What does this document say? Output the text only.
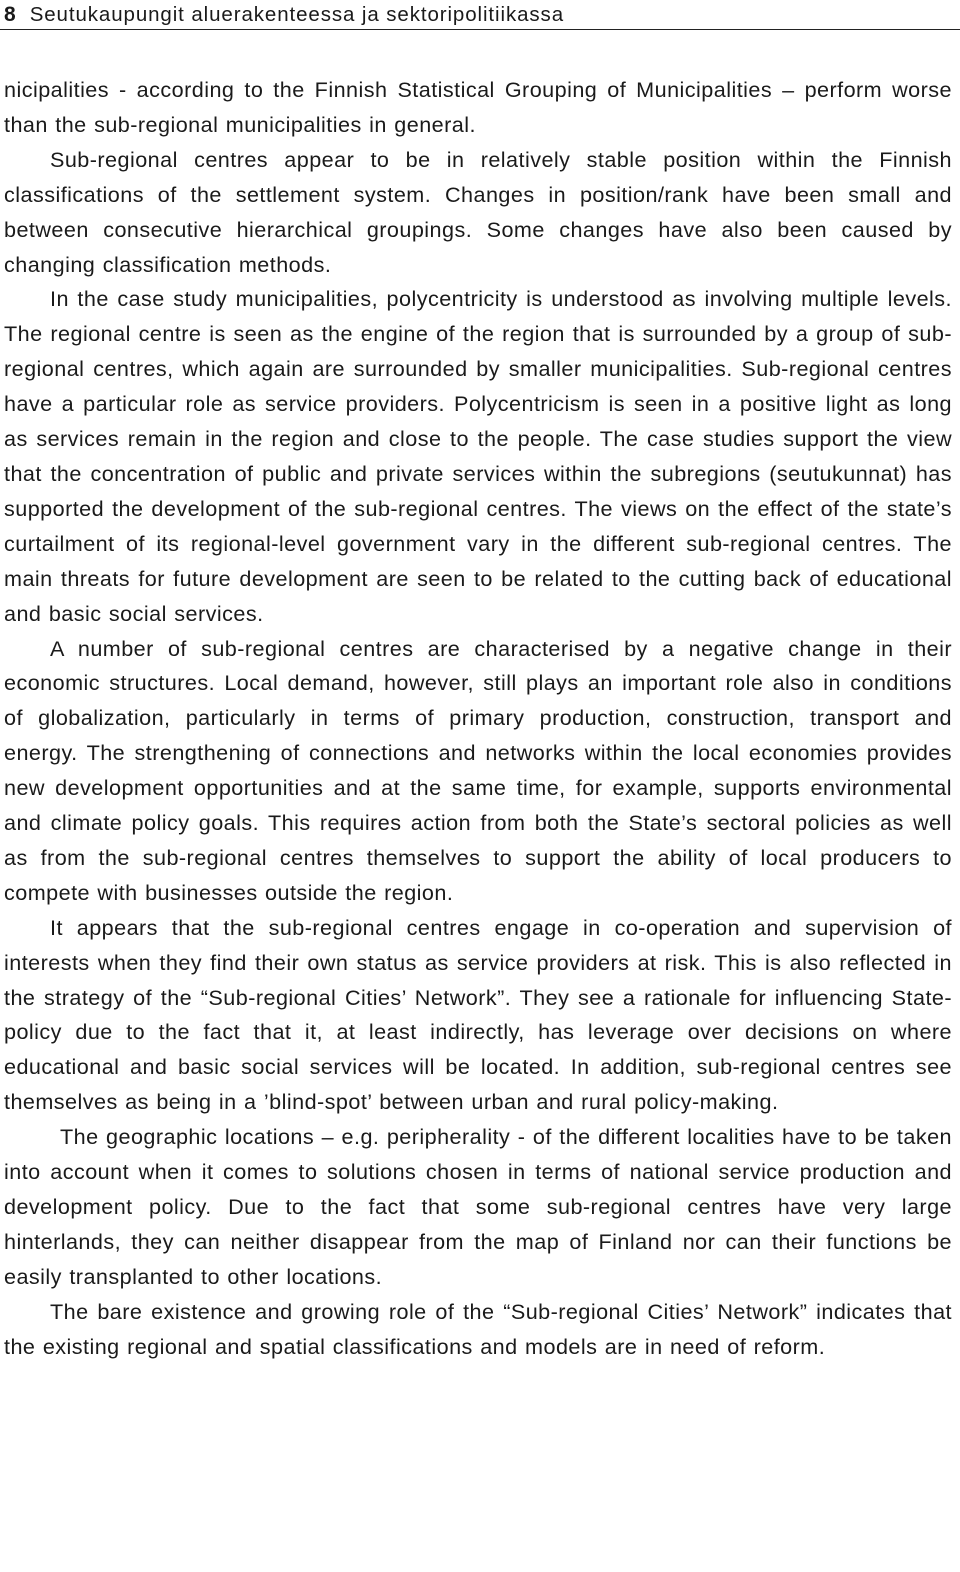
8 Seutukaupungit aluerakenteessa ja sektoripolitiikassa

nicipalities - according to the Finnish Statistical Grouping of Municipalities – perform worse than the sub-regional municipalities in general.

Sub-regional centres appear to be in relatively stable position within the Finnish classifications of the settlement system. Changes in position/rank have been small and between consecutive hierarchical groupings. Some changes have also been caused by changing classification methods.

In the case study municipalities, polycentricity is understood as involving multiple levels. The regional centre is seen as the engine of the region that is surrounded by a group of sub-regional centres, which again are surrounded by smaller municipalities. Sub-regional centres have a particular role as service providers. Polycentricism is seen in a positive light as long as services remain in the region and close to the people. The case studies support the view that the concentration of public and private services within the subregions (seutukunnat) has supported the development of the sub-regional centres. The views on the effect of the state’s curtailment of its regional-level government vary in the different sub-regional centres. The main threats for future development are seen to be related to the cutting back of educational and basic social services.

A number of sub-regional centres are characterised by a negative change in their economic structures. Local demand, however, still plays an important role also in conditions of globalization, particularly in terms of primary production, construction, transport and energy. The strengthening of connections and networks within the local economies provides new development opportunities and at the same time, for example, supports environmental and climate policy goals. This requires action from both the State’s sectoral policies as well as from the sub-regional centres themselves to support the ability of local producers to compete with businesses outside the region.

It appears that the sub-regional centres engage in co-operation and supervision of interests when they find their own status as service providers at risk. This is also reflected in the strategy of the “Sub-regional Cities’ Network”. They see a rationale for influencing State-policy due to the fact that it, at least indirectly, has leverage over decisions on where educational and basic social services will be located. In addition, sub-regional centres see themselves as being in a ’blind-spot’ between urban and rural policy-making.

The geographic locations – e.g. peripherality - of the different localities have to be taken into account when it comes to solutions chosen in terms of national service production and development policy. Due to the fact that some sub-regional centres have very large hinterlands, they can neither disappear from the map of Finland nor can their functions be easily transplanted to other locations.

The bare existence and growing role of the “Sub-regional Cities’ Network” indicates that the existing regional and spatial classifications and models are in need of reform.
